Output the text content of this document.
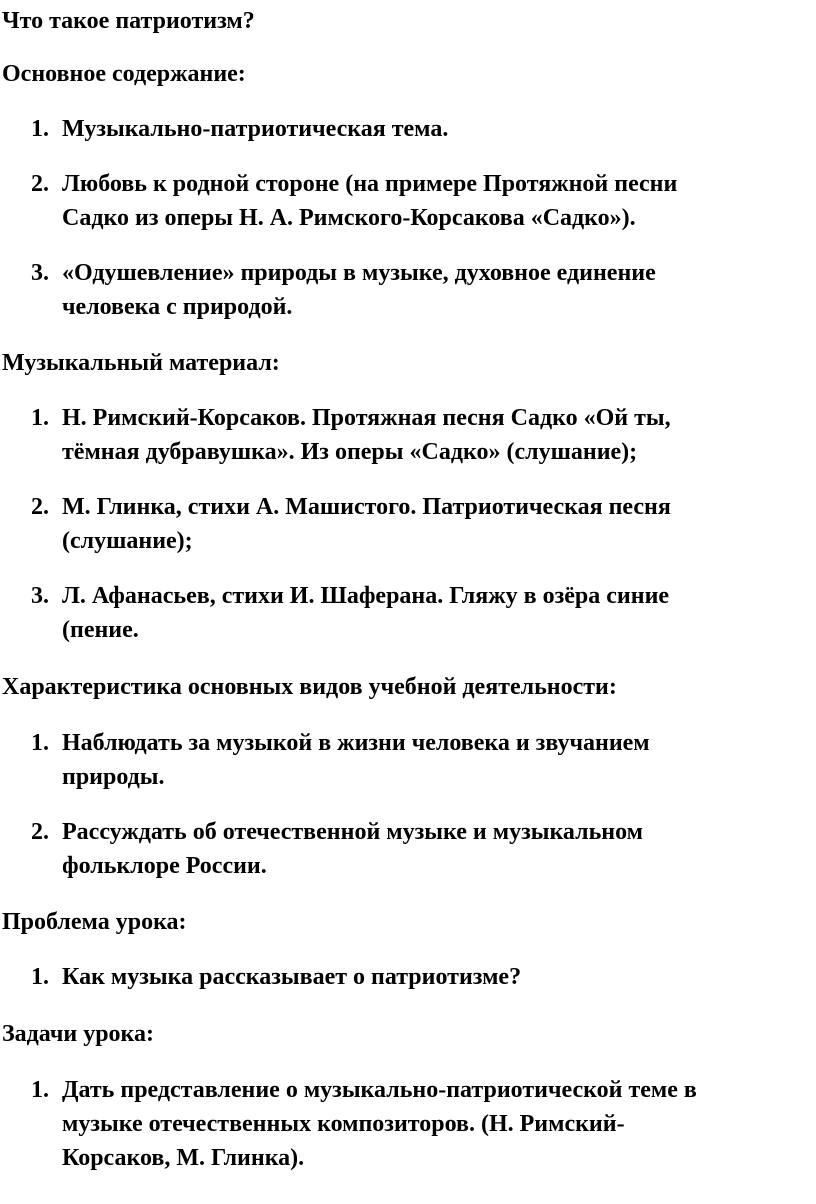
Что такое патриотизм?

Основное содержание:

1. Музыкально-патриотическая тема.
2. Любовь к родной стороне (на примере Протяжной песни
Садко из оперы Н. А. Римского-Корсакова «Садко»).
3. «Одушевление» природы в музыке, духовное единение
человека с природой.

Музыкальный материал:

1. Н. Римский-Корсаков. Протяжная песня Садко «Ой ты,
тёмная дубравушка». Из оперы «Садко» (слушание);
2. М. Глинка, стихи А. Машистого. Патриотическая песня
(слушание);
3. Л. Афанасьев, стихи И. Шаферана. Гляжу в озёра синие
(пение.

Характеристика основных видов учебной деятельности:

1. Наблюдать за музыкой в жизни человека и звучанием
природы.
2. Рассуждать об отечественной музыке и музыкальном
фольклоре России.

Проблема урока:

1. Как музыка рассказывает о патриотизме?

Задачи урока:

1. Дать представление о музыкально-патриотической теме в
музыке отечественных композиторов. (Н. Римский-
Корсаков, М. Глинка).
